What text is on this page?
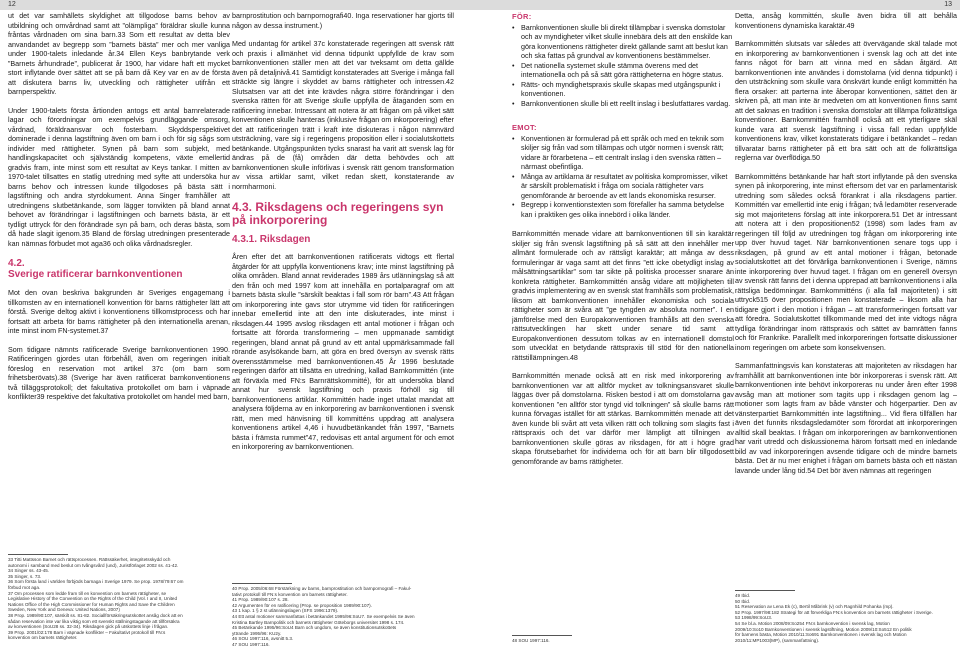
12	13

ut det var samhällets skyldighet att tillgodose barns behov av utbildning och omvårdnad samt att ”olämpliga” föräldrar skulle kunna fråntas vårdnaden om sina barn.33 Som ett resultat av detta blev anvandandet av begrepp som ”barnets bästa” mer och mer vanliga under 1900-talets inledande år.34 Ellen Keys banbrytande verk ”Barnets århundrade”, publicerat år 1900, har vidare haft ett mycket stort inflytande över sättet att se på barn då Key var en av de första att diskutera barns liv, utveckling och rättigheter utifrån ett barnperspektiv.

Under 1900-talets första årtionden antogs ett antal barnrelaterade lagar och förordningar om exempelvis grundläggande omsorg, vårdnad, föräldraansvar och fosterbarn. Skyddsperspektivet dominerade i denna lagstiftning även om barn i och för sig sågs som individer med rättigheter. Synen på barn som subjekt, med handlingskapacitet och självständig kompetens, växte emellertid gradvis fram, inte minst som ett resultat av Keys tankar. I mitten av 1970-talet tillsattes en statlig utredning med syfte att undersöka hur barns behov och intressen kunde tillgodoses på bästa sätt i lagstiftning och andra styrdokument. Anna Singer framhåller att utredningens slutbetänkande, som lägger tonvikten på bland annat behovet av förändringar i lagstiftningen och barnets bästa, är ett tydligt uttryck för den förändrade syn på barn, och deras bästa, som då hade slagit igenom.35 Bland de förslag utredningen presenterade kan nämnas förbudet mot aga36 och olika vårdnadsregler.

4.2.
Sverige ratificerar barnkonventionen

Mot den ovan beskriva bakgrunden är Sveriges engagemang i tillkomsten av en internationell konvention för barns rättigheter lätt att förstå. Sverige deltog aktivt i konventionens tillkomstprocess och har fortsatt att arbeta för barns rättigheter på den internationella arenan, inte minst inom FN-systemet.37

Som tidigare nämnts ratificerade Sverige barnkonventionen 1990. Ratificeringen gjordes utan förbehåll, även om regeringen initialt föreslog en reservation mot artikel 37c (om barn som frihetsberövats).38 (Sverige har även ratificerat barnkonventionens två tilläggsprotokoll; det fakultativa protokollet om barn i väpnade konflikter39 respektive det fakultativa protokollet om handel med barn,

33 Titti Mattsson Barnet och rättsprocessen. Rättssäkerhet, integritetsskydd och
autonomi i samband med beslut om tvångsvård (und), Juristförlaget 2002 ss. 41-42.
34 Singer ss. 43-45.
35 Singer, s. 73.
36 Som första land i världen förbjöds barnaga i Sverige 1979. Se prop. 1978/79:67 om
förbud mot aga.
37 Om processen som ledde fram till en konvention om barnets rättigheter, se
Legislative History of the Convention on the Rights of the Child (Vol. I and II, United
Nations Office of the High Commissioner for Human Rights and Save the Children
Sweden, New York and Geneva: United Nations, 2007)
38 Prop. 1989/90:107, särskilt ss. 81-82. Sociallförsäkringsutskottet ansåg dock att en
sådan reservation inte var lika viktig som ett svenskt ställningstagande att tillförsäkra
av konventionen (SoU28 ss. 32-34). Riksdagen gick på utskottets linje i frågan.
39 Prop. 2001/02:178 Barn i väpnade konflikter – Fakultativt protokoll till FN:s
konvention om barnets rättigheter.

barnprostitution och barnpornografi40. Inga reservationer har gjorts till någon av dessa instrument.)

Med undantag för artikel 37c konstaterade regeringen att svensk rätt och praxis i allmänhet vid denna tidpunkt uppfyllde de krav som barnkonventionen ställer men att det var tveksamt om detta gällde även på detaljnivå.41 Samtidigt konstaterades att Sverige i många fall sträckte sig längre i skyddet av barns rättigheter och intressen.42 Slutsatsen var att det inte krävdes några större förändringar i den svenska rätten för att Sverige skulle uppfylla de åtaganden som en ratificering innebar. Intressant att notera är att frågan om på vilket sätt konventionen skulle hanteras (inklusive frågan om inkorporering) efter det att ratificeringen trätt i kraft inte diskuteras i någon nämnvärd utsträckning, vare sig i regeringens proposition eller i socialutskottets betänkande. Utgångspunkten tycks snarast ha varit att svensk lag för ändras på de (få) områden där detta behövdes och att barnkonventionen skulle införlivas i svensk rätt genom transformation av vissa artiklar samt, vilket redan skett, konstaterande av normharmoni.

4.3. Riksdagens och regeringens syn på inkorporering
4.3.1. Riksdagen

Åren efter det att barnkonventionen ratificerats vidtogs ett flertal åtgärder för att uppfylla konventionens krav; inte minst lagstiftning på olika områden. Bland annat reviderades 1989 års utlänningslag så att den från och med 1997 kom att innehålla en portalparagraf om att barnets bästa skulle ”särskilt beaktas i fall som rör barn”.43 Att frågan om inkorporering inte gavs stor utrymme vid tiden för ratificeringen innebar emellertid inte att den inte diskuterades, inte minst i riksdagen.44 1995 avslog riksdagen ett antal motioner i frågan och fortsatte att förorda transformering – men uppmanade samtidigt regeringen, bland annat på grund av ett antal uppmärksammade fall rörande asylsökande barn, att göra en bred översyn av svensk rätts överensstämmelse med barnkonventionen.45 År 1996 beslutade regeringen därför att tillsätta en utredning, kallad Barnkommittén (inte att förväxla med FN:s Barnrättskommitté), för att undersöka bland annat hur svensk lagstiftning och praxis förhöll sig till barnkonventionens artiklar. Kommittén hade inget uttalat mandat att analysera följderna av en inkorporering av barnkonventionen i svensk rätt, men med hänvisning till kommitténs uppdrag att analysera konventionens artikel 4,46 i huvudbetänkandet från 1997, ”Barnets bästa i främsta rummet”47, redovisas ett antal argument för och emot en inkorporering av barnkonventionen.

40 Prop. 2005/06:68 Förstärkning av barns, barnprostitution och barnpornografi – Fakul-
tativt protokoll till FN:s konvention om barnets rättigheter.
41 Prop. 1989/90:107 s. 28.
42 Argumenten för en ratificering (Prop. se proposition 1989/90:107).
43 1 kap. 1 § 2 st utlänningslagen (SFS 1996:1379).
44 Ett antal motioner sammanfattas i betänkandet 1995/96:SoU7. Se exempelvis Se även
Kristina Bartley Barnpolitik och barnets rättigheter Göteborgs universitet 1998 s. 174.
45 Betänkande 1995/96:SoU4 Barn och ungdom, se även konstitutionsutskottets
yttrande 1995/96: KU2y.
46 SOU 1997:116, avsnitt 5.3.
47 SOU 1997:116.
FÖR:
• Barnkonventionen skulle bli direkt tillämpbar i svenska domstolar och av myndigheter vilket skulle innebära dels att den enskilde kan göra konventionens rättigheter direkt gällande samt att beslut kan och ska fattas på grundval av konventionens bestämmelser.
• Det nationella systemet skulle stämma överens med det internationella och på så sätt göra rättigheterna en högre status.
• Rätts- och myndighetspraxis skulle skapas med utgångspunkt i konventionen.
• Barnkonventionen skulle bli ett reellt inslag i beslutfattares vardag.
EMOT:
• Konventionen är formulerad på ett språk och med en teknik som skiljer sig från vad som tillämpas och utgör normen i svensk rätt; vidare är förarbetena – ett centralt inslag i den svenska rätten – närmast obefintliga.
• Många av artiklarna är resultatet av politiska kompromisser, vilket är särskilt problematiskt i fråga om sociala rättigheter vars genomförande är beroende av ett lands ekonomiska resurser.
• Begrepp i konventionstexten som förefaller ha samma betydelse kan i praktiken ges olika innebörd i olika länder.

Barnkommittén menade vidare att barnkonventionen till sin karaktär skiljer sig från svensk lagstiftning på så sätt att den innehåller mer allmänt formulerade och av rättsligt karaktär; att många av dess formuleringar är vaga samt att det finns ”ett icke obetydligt inslag av målsättningsartiklar” som tar sikte på politiska processer snarare än konkreta rättigheter. Barnkommittén ansåg vidare att möjligheten till gradvis implementering av en svensk stat framhålls som problematisk, liksom att barnkonventionen innehåller ekonomiska och sociala rättigheter som är svåra att ”ge tyngden av absoluta normer”. I en jämförelse med den Europakonventionen framhålls att den svenska rättsutvecklingen har skett under senare tid samt att Europakonventionen dessutom tolkas av en internationell domstol som utvecklat en betydande rättspraxis till stöd för den nationella rättstillämpningen.48

Barnkommittén menade också att en risk med inkorporering av barnkonventionen var att alltför mycket av tolkningsansvaret skulle läggas över på domstolarna. Risken bestod i att om domstolarna gav konventionen ”en alltför stor tyngd vid tolkningen” så skulle barns rätt kunna förvagas istället för att stärkas. Barnkommittén menade att det även kunde bli svårt att veta vilken rätt och tolkning som slagits fast i rättspraxis och det var därför mer lämpligt att tillningen av barnkonventionen skulle göras av riksdagen, för att i högre grad skapa förutsebarhet för individerna och för att barn blir tillgodosett genomförande av barns rättigheter.

48 SOU 1997:116.

Detta, ansåg kommittén, skulle även bidra till att behålla konventionens dynamiska karaktär.49

Barnkommittén slutsats var således att övervägande skäl talade mot en inkorporering av barnkonventionen i svensk lag och att det inte fanns något för barn att vinna med en sådan åtgärd. Att barnkonventionen inte användes i domstolarna (vid denna tidpunkt) i den utsträckning som skulle vara önskvärt kunde enligt kommittén ha flera orsaker: att parterna inte åberopar konventionen, sättet den är skriven på, att man inte är medveten om att konventionen finns samt att det saknas en tradition i svenska domstolar att tillämpa folkrättsliga konventioner. Barnkommittén framhöll också att ett ytterligare skäl kunde vara att svensk lagstiftning i vissa fall redan uppfyllde konventionens krav, vilket konstaterats tidigare i betänkandet – redan tillvaratar barns rättigheter på ett bra sätt och att de folkrättsliga reglerna var överflödiga.50

Barnkommitténs betänkande har haft stort inflytande på den svenska synen på inkorporering, inte minst eftersom det var en parlamentarisk utredning som således också förankrat i alla riksdagens partier. Kommittén var emellertid inte enig i frågan; två ledamöter reserverade sig mot majoritetens förslag att inte inkorporera.51 Det är intressant att notera att i den propositionen52 (1998) som lades fram av regeringen till följd av utredningen tog frågan om inkorporering inte upp över huvud taget. När barnkonventionen senare togs upp i riksdagen, på grund av ett antal motioner i frågan, betonade socialutskottet att det förvärliga barnkonventionen i Sverige, nämns inte inkorporering över huvud taget. I frågan om en generell översyn av svensk rätt fanns det i denna upprepad att barnkonventionens i alla rättsliga bedömningar. Barnkommitténs (i alla fall majoriteten) i sitt uttryck515 över propositionen men konstaterade – liksom alla har tidigare gjort i den motion i frågan – att transformeringen fortsatt var att föredra. Socialutskottet tillkommande med det inte vidtogs några tydliga förändringar inom rättspraxis och sättet av barnrätten fanns och för Frankrike. Parallellt med inkorporeringen fortsatte diskussioner inom regeringen om arbete som konsekvensen.

Sammanfattningsvis kan konstateras att majoriteten av riksdagen har framhållit att barnkonventionen inte bör inkorporeras i svensk rätt. Att barnkonventionen inte behövt inkorporeras nu under åren efter 1998 avsåg man att motioner som tagits upp i riksdagen genom lag – motioner som lagts fram av både vänster och högerpartier. Den av vänsterpartiet Barnkommittén inte lagstiftning... Vid flera tillfällen har även det funnits riksdagsledamöter som förordat att inkorporeringen alltid skall beaktas. I frågan om inkorporeringen av barnkonventionen har varit utredd och diskussionerna härom fortsatt med en inledande bild av vad inkorporeringen avsende tidigare och de mindre barnets bästa. Det är nu mer enighet i frågan om barnets bästa och ett nästan lavande under lång tid.54 Det bör även nämnas att regeringen

49 Ibid.
50 Ibid.
51 Reservation av Lena Ek (c), Bertil Måbrink (v) och Ragnhild Pohanka (mp).
52 Prop. 1997/98:182 Strategi för att förverkliga FN:s konvention om barnets rättigheter i Sverige.
53 1998/99:SoU3.
54 Se bl.a. Motion 2008/09:So254 FN:s barnkonvention i svensk lag, Motion
2009/10:So10 Barnkonventionen i svensk lagstiftning, Motion 2009/10:So512 En politik
för barnens bästa, Motion 2010/11:So691 Barnkonventionen i svensk lag och Motion
2010/11:MP1003(MP), (sammanfattning).
